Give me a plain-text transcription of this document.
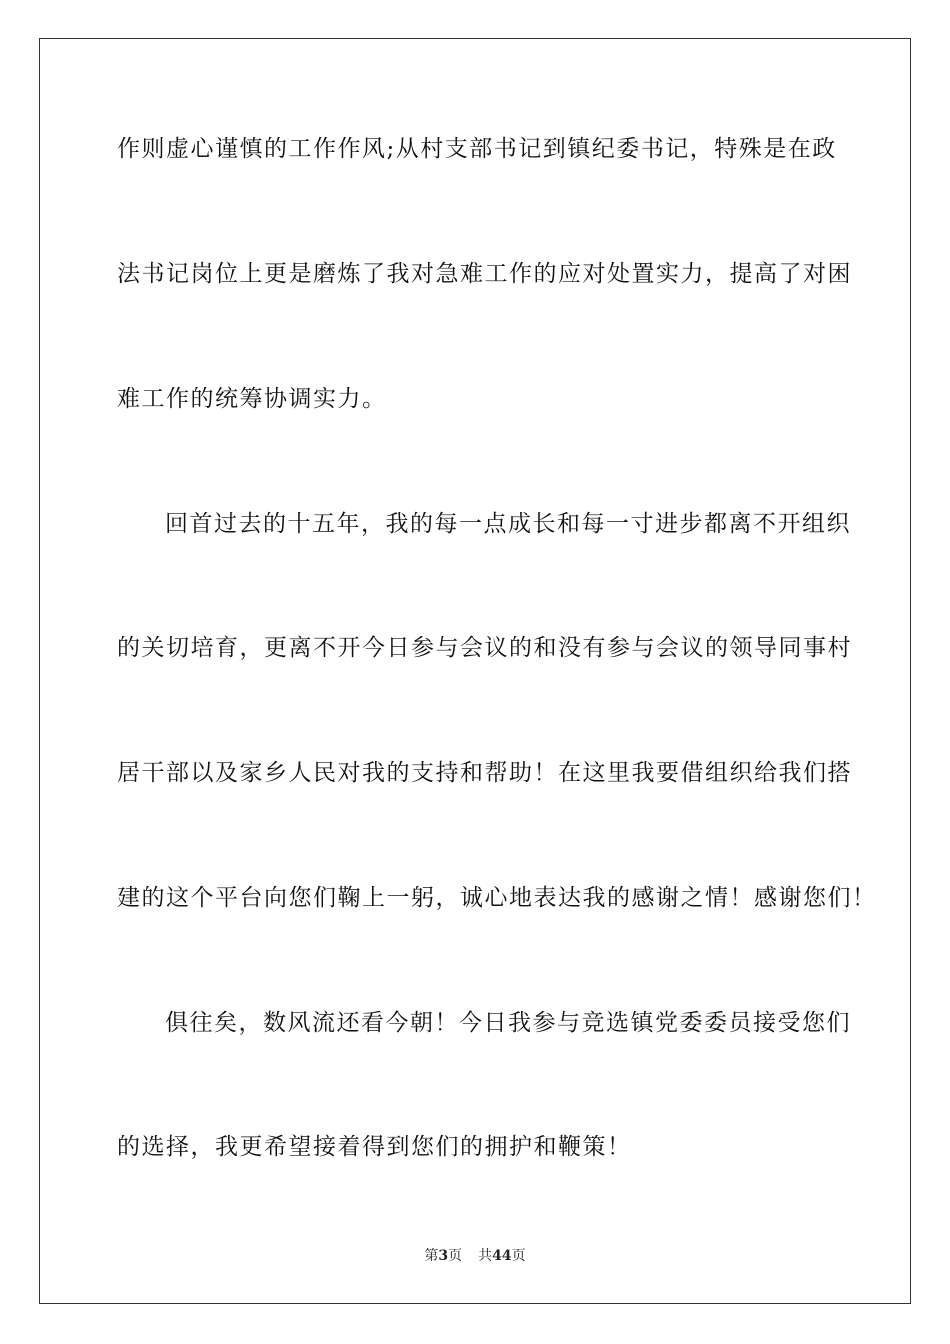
作则虚心谨慎的工作作风;从村支部书记到镇纪委书记，特殊是在政
法书记岗位上更是磨炼了我对急难工作的应对处置实力，提高了对困
难工作的统筹协调实力。
回首过去的十五年，我的每一点成长和每一寸进步都离不开组织
的关切培育，更离不开今日参与会议的和没有参与会议的领导同事村
居干部以及家乡人民对我的支持和帮助！在这里我要借组织给我们搭
建的这个平台向您们鞠上一躬，诚心地表达我的感谢之情！感谢您们！
俱往矣，数风流还看今朝！今日我参与竞选镇党委委员接受您们
的选择，我更希望接着得到您们的拥护和鞭策！
第3页 共44页
